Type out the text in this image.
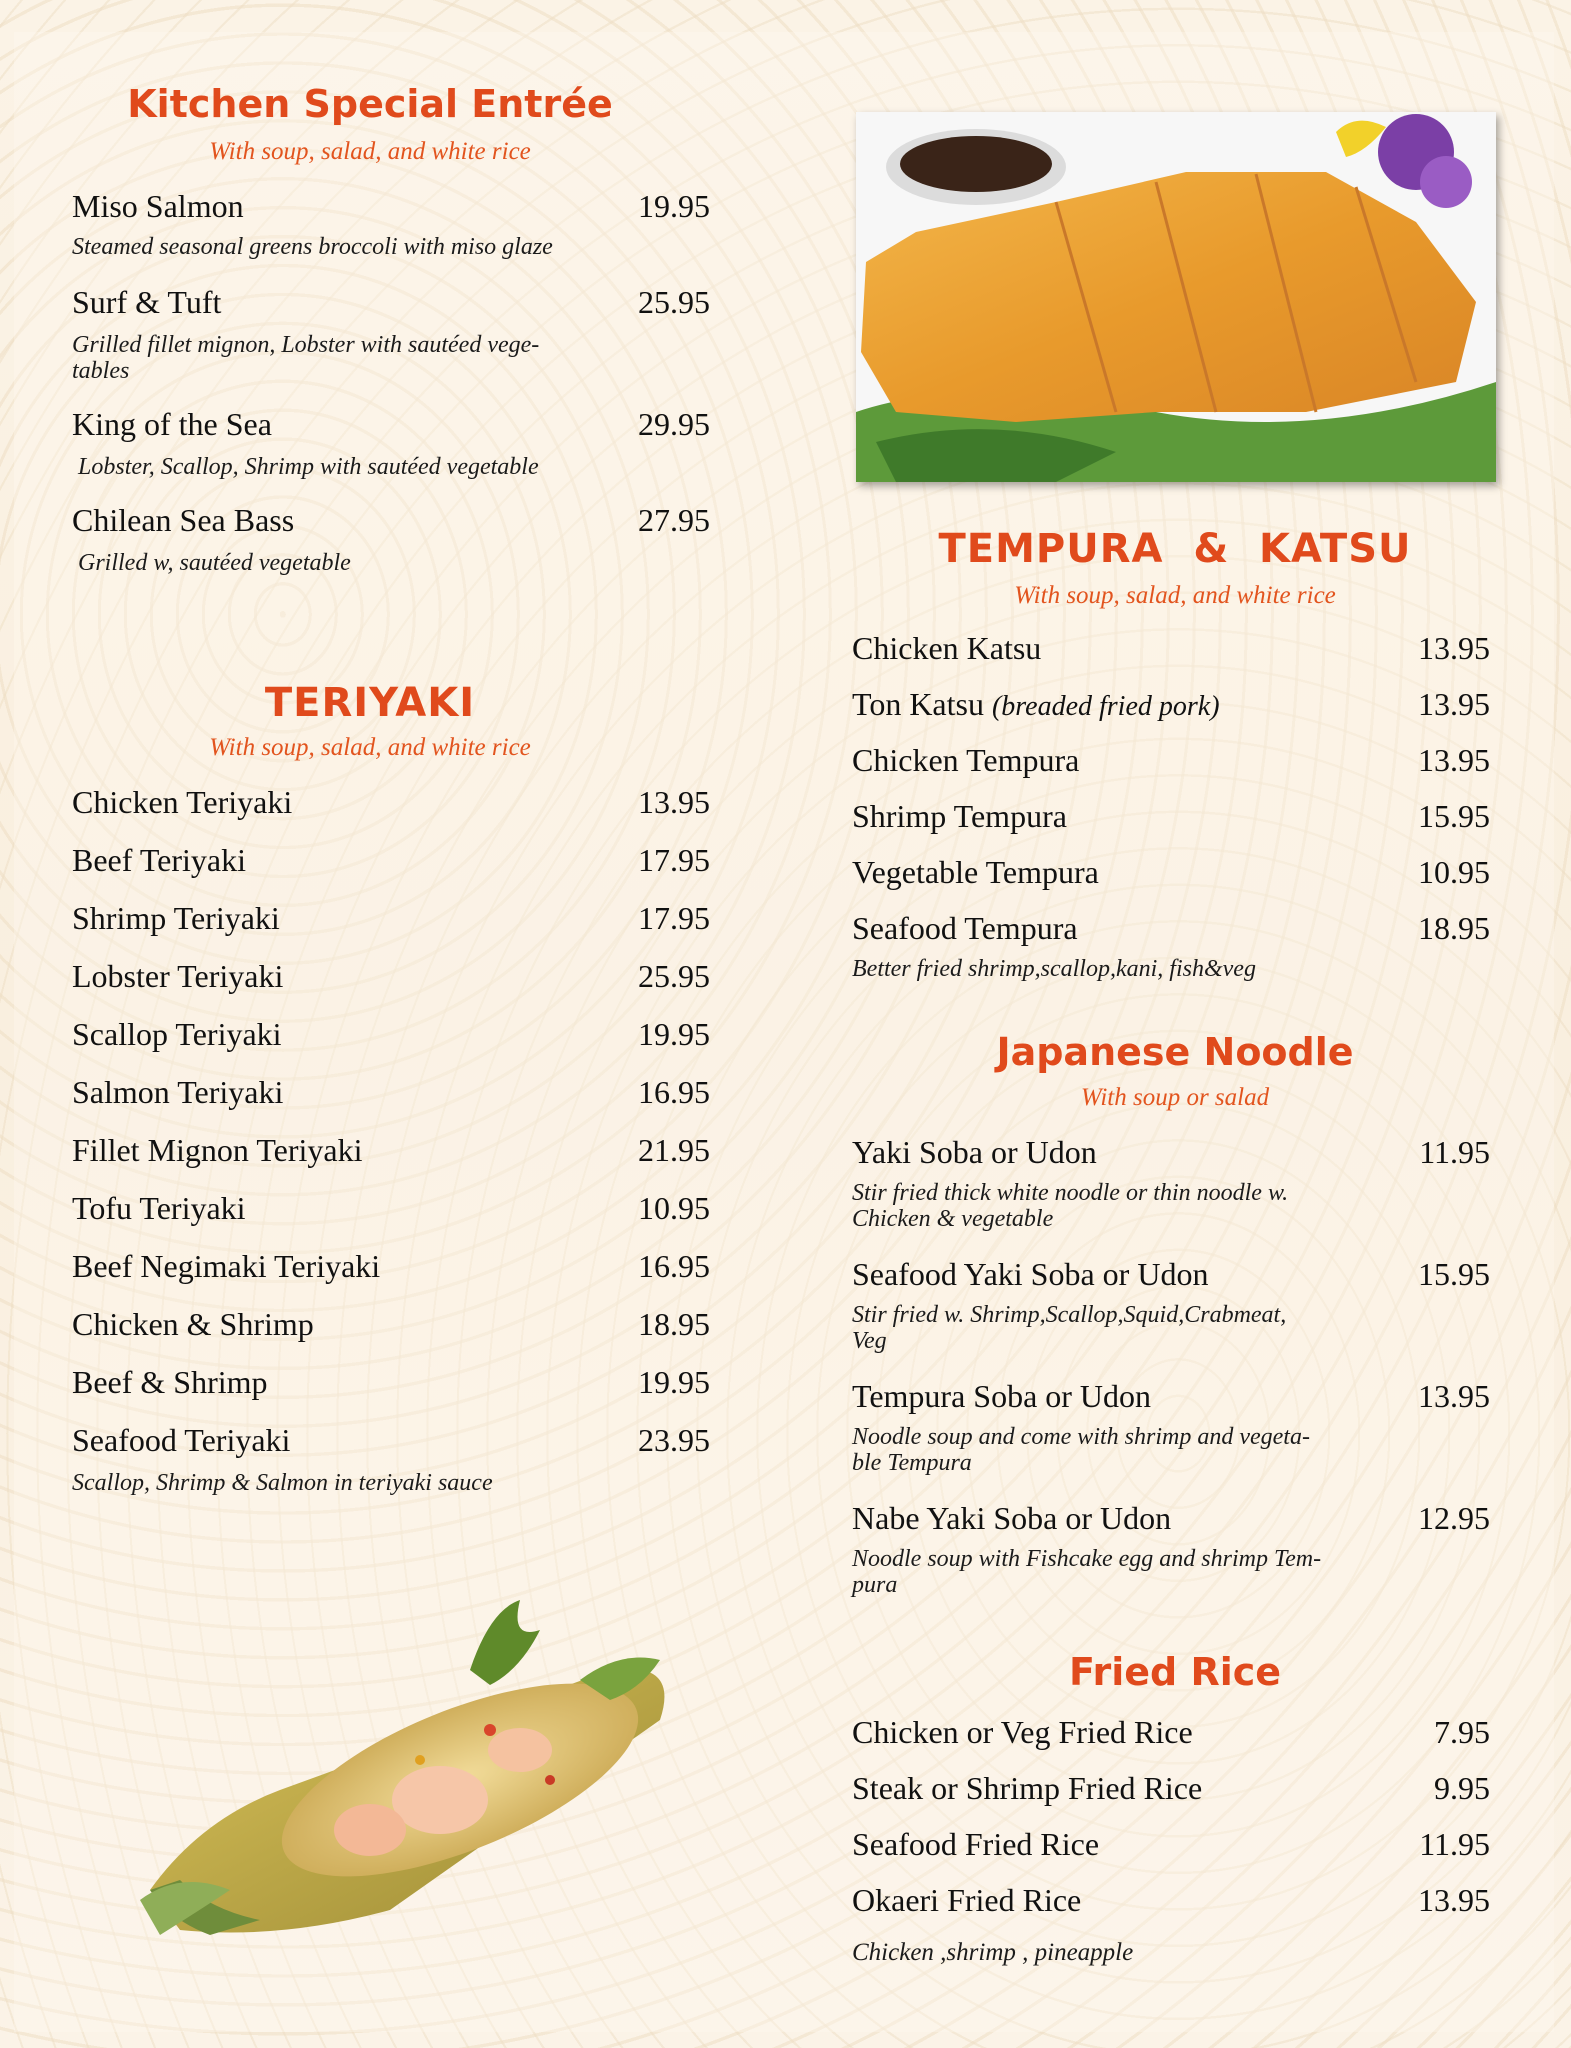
Kitchen Special Entrée
With soup, salad, and white rice
Miso Salmon	19.95
Steamed seasonal greens broccoli with miso glaze
Surf & Tuft	25.95
Grilled fillet mignon, Lobster with sautéed vege-
tables
King of the Sea	29.95
Lobster, Scallop, Shrimp with sautéed vegetable
Chilean Sea Bass	27.95
Grilled w, sautéed vegetable
TERIYAKI
With soup, salad, and white rice
Chicken Teriyaki	13.95
Beef Teriyaki	17.95
Shrimp Teriyaki	17.95
Lobster Teriyaki	25.95
Scallop Teriyaki	19.95
Salmon Teriyaki	16.95
Fillet Mignon Teriyaki	21.95
Tofu Teriyaki	10.95
Beef Negimaki Teriyaki	16.95
Chicken & Shrimp	18.95
Beef & Shrimp	19.95
Seafood Teriyaki	23.95
Scallop, Shrimp & Salmon in teriyaki sauce
TEMPURA  &  KATSU
With soup, salad, and white rice
Chicken Katsu	13.95
Ton Katsu (breaded fried pork)	13.95
Chicken Tempura	13.95
Shrimp Tempura	15.95
Vegetable Tempura	10.95
Seafood Tempura	18.95
Better fried shrimp,scallop,kani, fish&veg
Japanese Noodle
With soup or salad
Yaki Soba or Udon	11.95
Stir fried thick white noodle or thin noodle w.
Chicken & vegetable
Seafood Yaki Soba or Udon	15.95
Stir fried w. Shrimp,Scallop,Squid,Crabmeat,
Veg
Tempura Soba or Udon	13.95
Noodle soup and come with shrimp and vegeta-
ble Tempura
Nabe Yaki Soba or Udon	12.95
Noodle soup with Fishcake egg and shrimp Tem-
pura
Fried Rice
Chicken or Veg Fried Rice	7.95
Steak or Shrimp Fried Rice	9.95
Seafood Fried Rice	11.95
Okaeri Fried Rice	13.95
Chicken ,shrimp , pineapple
